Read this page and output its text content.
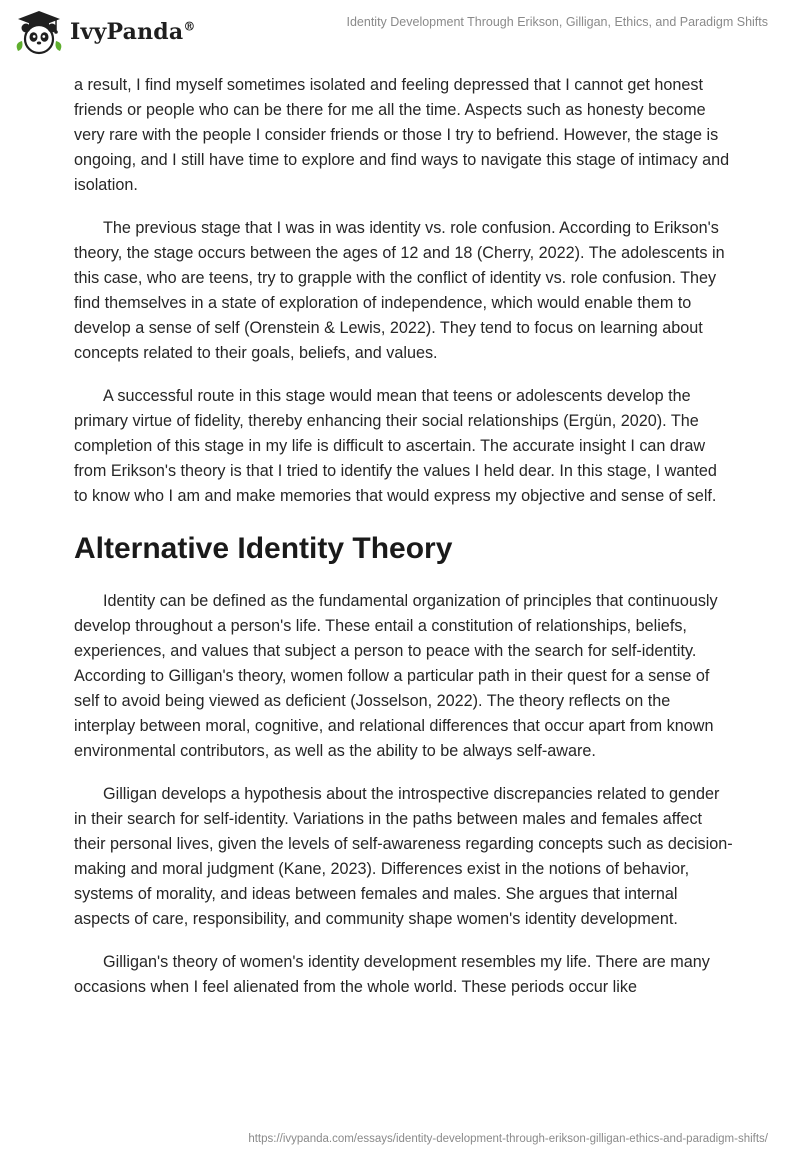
IvyPanda®	Identity Development Through Erikson, Gilligan, Ethics, and Paradigm Shifts

a result, I find myself sometimes isolated and feeling depressed that I cannot get honest friends or people who can be there for me all the time. Aspects such as honesty become very rare with the people I consider friends or those I try to befriend. However, the stage is ongoing, and I still have time to explore and find ways to navigate this stage of intimacy and isolation.

The previous stage that I was in was identity vs. role confusion. According to Erikson's theory, the stage occurs between the ages of 12 and 18 (Cherry, 2022). The adolescents in this case, who are teens, try to grapple with the conflict of identity vs. role confusion. They find themselves in a state of exploration of independence, which would enable them to develop a sense of self (Orenstein & Lewis, 2022). They tend to focus on learning about concepts related to their goals, beliefs, and values.

A successful route in this stage would mean that teens or adolescents develop the primary virtue of fidelity, thereby enhancing their social relationships (Ergün, 2020). The completion of this stage in my life is difficult to ascertain. The accurate insight I can draw from Erikson's theory is that I tried to identify the values I held dear. In this stage, I wanted to know who I am and make memories that would express my objective and sense of self.

Alternative Identity Theory

Identity can be defined as the fundamental organization of principles that continuously develop throughout a person's life. These entail a constitution of relationships, beliefs, experiences, and values that subject a person to peace with the search for self-identity. According to Gilligan's theory, women follow a particular path in their quest for a sense of self to avoid being viewed as deficient (Josselson, 2022). The theory reflects on the interplay between moral, cognitive, and relational differences that occur apart from known environmental contributors, as well as the ability to be always self-aware.

Gilligan develops a hypothesis about the introspective discrepancies related to gender in their search for self-identity. Variations in the paths between males and females affect their personal lives, given the levels of self-awareness regarding concepts such as decision-making and moral judgment (Kane, 2023). Differences exist in the notions of behavior, systems of morality, and ideas between females and males. She argues that internal aspects of care, responsibility, and community shape women's identity development.

Gilligan's theory of women's identity development resembles my life. There are many occasions when I feel alienated from the whole world. These periods occur like

https://ivypanda.com/essays/identity-development-through-erikson-gilligan-ethics-and-paradigm-shifts/
